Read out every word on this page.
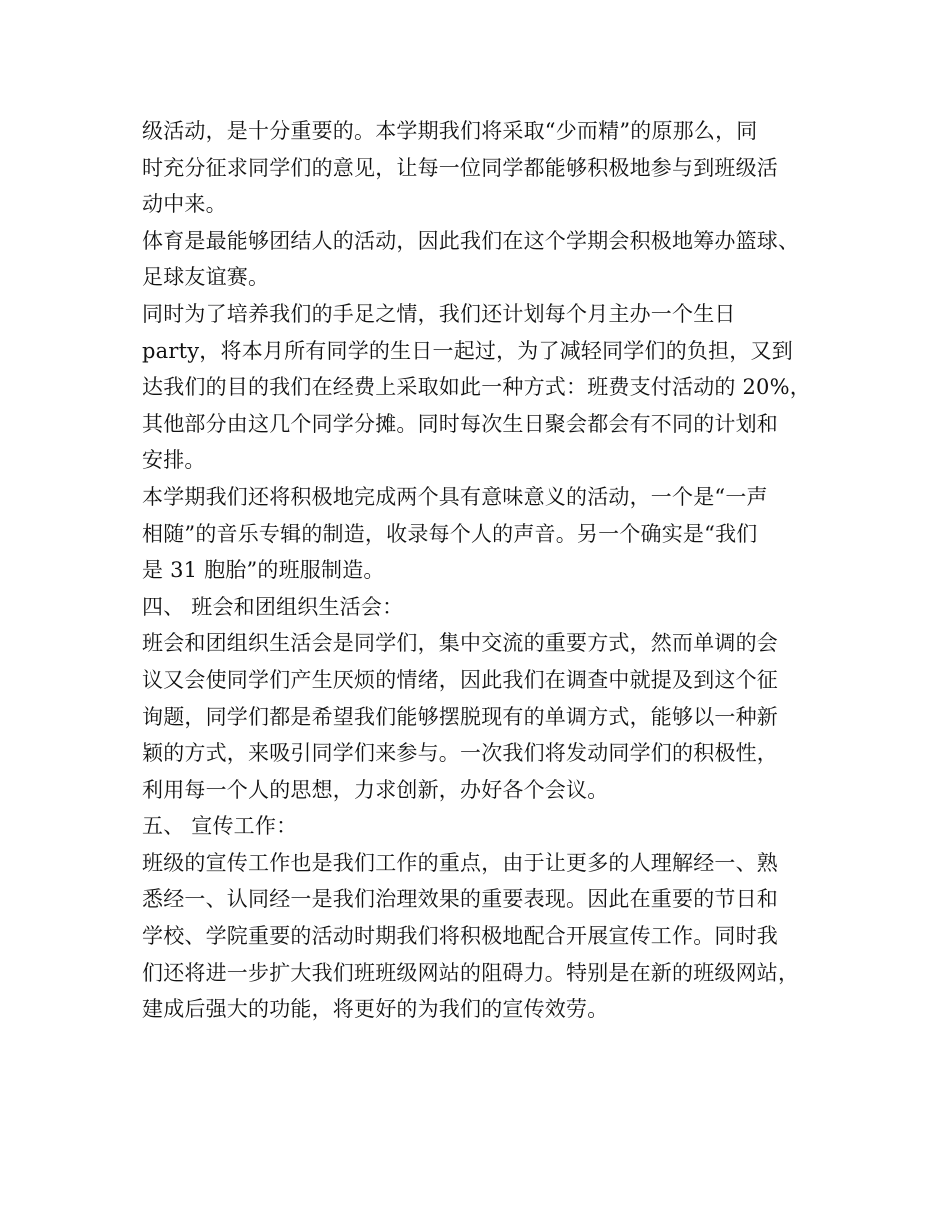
级活动，是十分重要的。本学期我们将采取“少而精”的原那么，同
时充分征求同学们的意见，让每一位同学都能够积极地参与到班级活
动中来。
体育是最能够团结人的活动，因此我们在这个学期会积极地筹办篮球、
足球友谊赛。
同时为了培养我们的手足之情，我们还计划每个月主办一个生日
party，将本月所有同学的生日一起过，为了减轻同学们的负担，又到
达我们的目的我们在经费上采取如此一种方式：班费支付活动的 20%，
其他部分由这几个同学分摊。同时每次生日聚会都会有不同的计划和
安排。
本学期我们还将积极地完成两个具有意味意义的活动，一个是“一声
相随”的音乐专辑的制造，收录每个人的声音。另一个确实是“我们
是 31 胞胎”的班服制造。
四、 班会和团组织生活会：
班会和团组织生活会是同学们，集中交流的重要方式，然而单调的会
议又会使同学们产生厌烦的情绪，因此我们在调查中就提及到这个征
询题，同学们都是希望我们能够摆脱现有的单调方式，能够以一种新
颖的方式，来吸引同学们来参与。一次我们将发动同学们的积极性，
利用每一个人的思想，力求创新，办好各个会议。
五、 宣传工作：
班级的宣传工作也是我们工作的重点，由于让更多的人理解经一、熟
悉经一、认同经一是我们治理效果的重要表现。因此在重要的节日和
学校、学院重要的活动时期我们将积极地配合开展宣传工作。同时我
们还将进一步扩大我们班班级网站的阻碍力。特别是在新的班级网站，
建成后强大的功能，将更好的为我们的宣传效劳。
